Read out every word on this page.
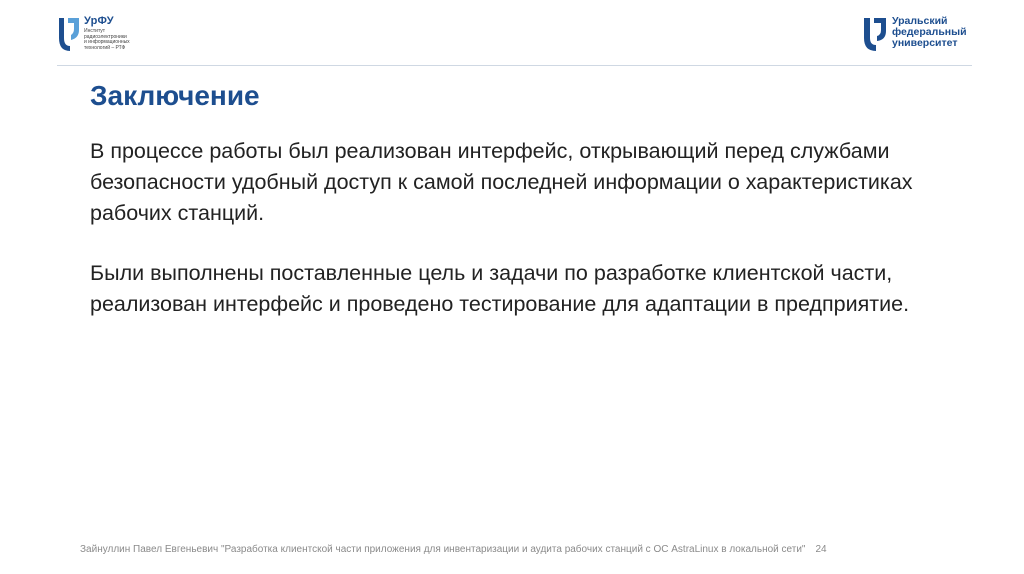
УрФУ
Институт
радиоэлектроники
и информационных
технологий – РТФ
Уральский
федеральный
университет
Заключение
В процессе работы был реализован интерфейс, открывающий перед службами безопасности удобный доступ к самой последней информации о характеристиках рабочих станций.
Были выполнены поставленные цель и задачи по разработке клиентской части, реализован интерфейс и проведено тестирование для адаптации в предприятие.
Зайнуллин Павел Евгеньевич "Разработка клиентской части приложения для инвентаризации и аудита рабочих станций с ОС AstraLinux в локальной сети" 24
